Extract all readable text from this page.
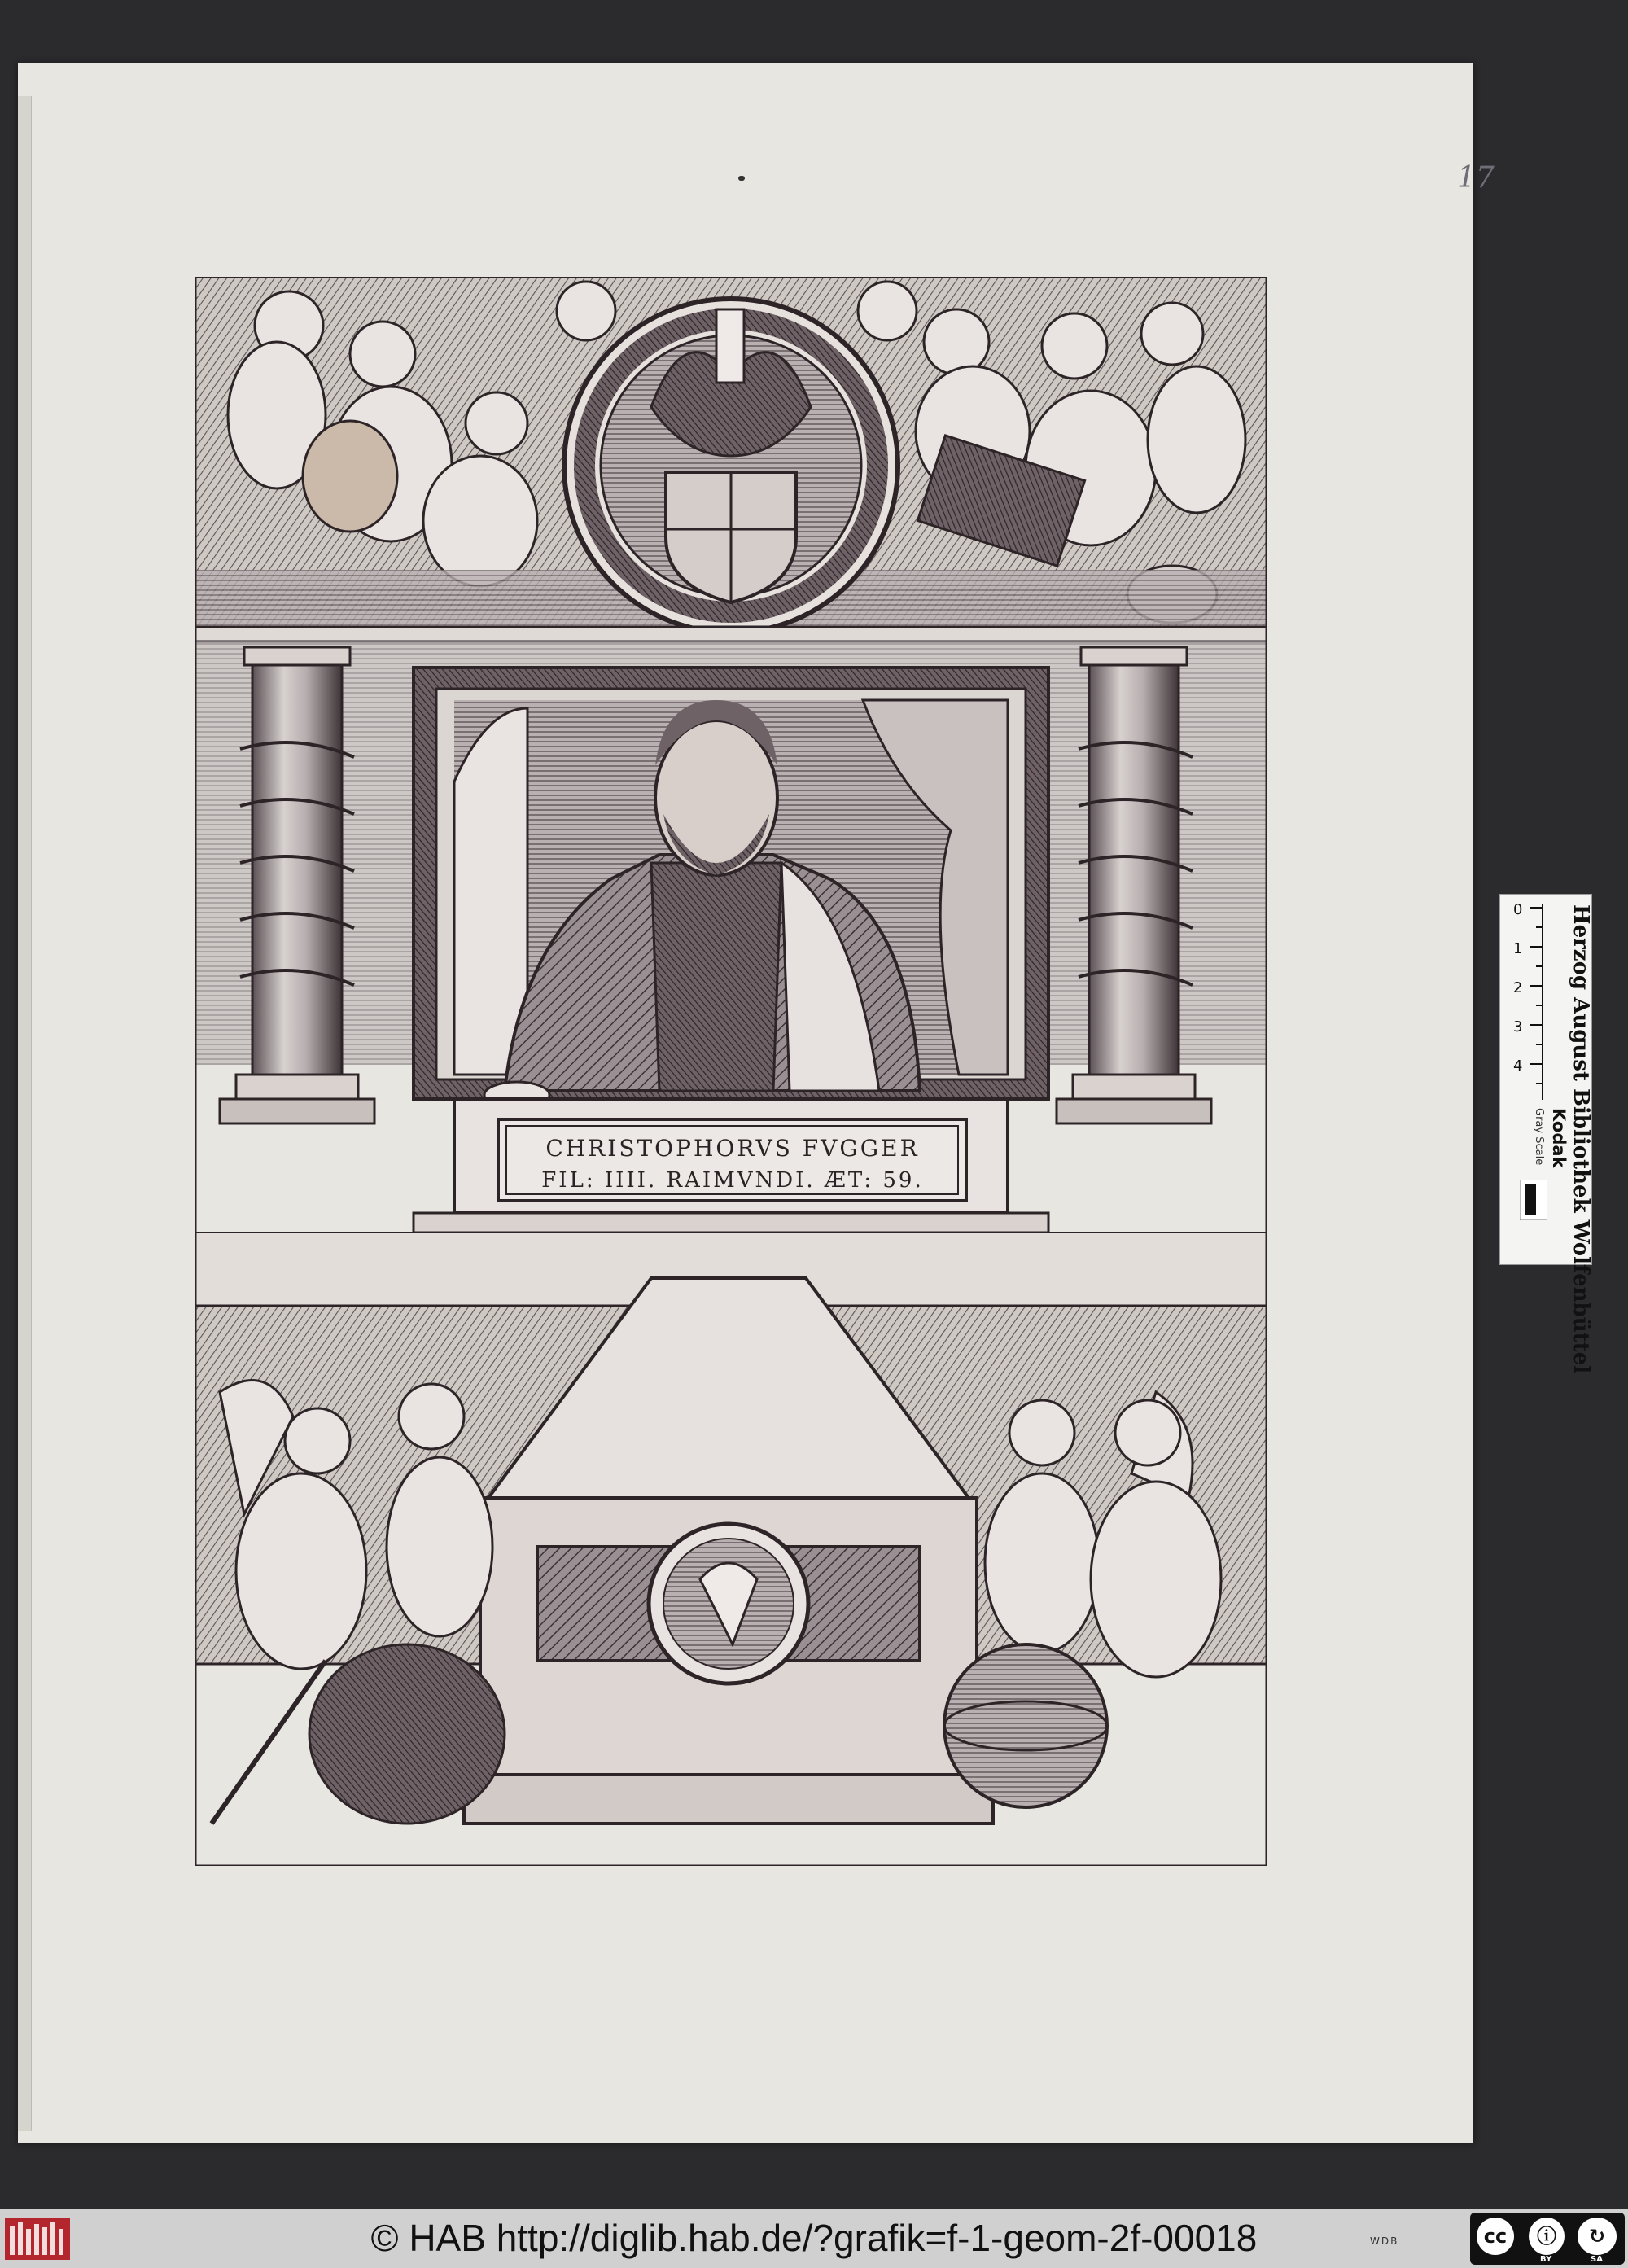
17
CHRISTOPHORVS FVGGER
FIL: IIII. RAIMVNDI. ÆT: 59.
0
1
2
3
4 Herzog August Bibliothek Wolfenbüttel
Kodak
Gray Scale
© HAB http://diglib.hab.de/?grafik=f-1-geom-2f-00018	WDB	cc	ⓘ	↻
BY	SA
